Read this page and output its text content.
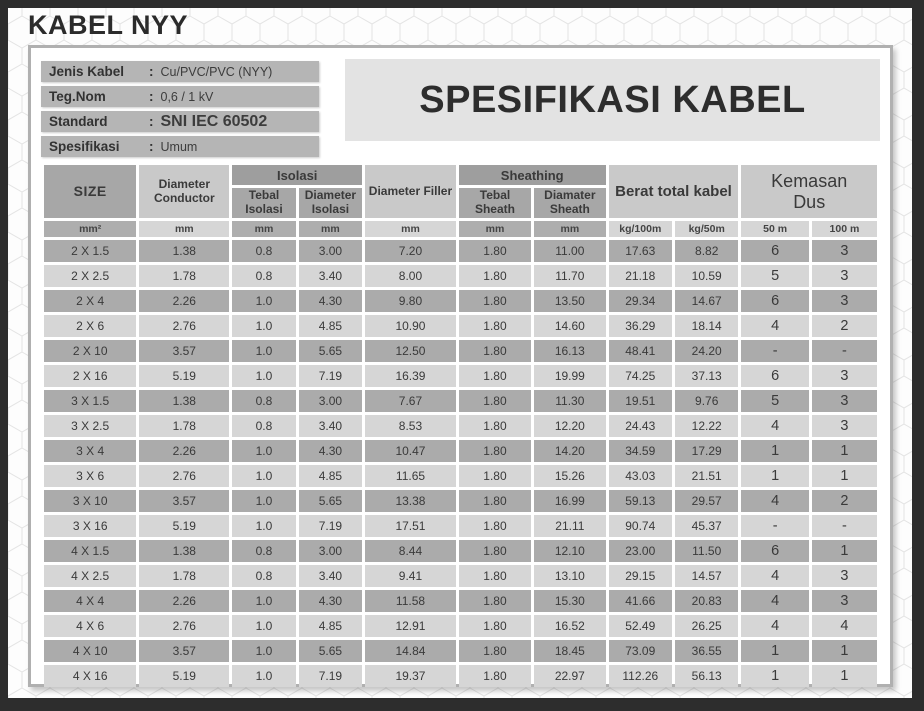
KABEL NYY
Jenis Kabel	: Cu/PVC/PVC (NYY)
Teg.Nom	: 0,6 / 1 kV
Standard	: SNI IEC 60502
Spesifikasi	: Umum
SPESIFIKASI KABEL
SIZE	Diameter Conductor	Isolasi		Diameter Filler	Sheathing		Berat total kabel		Kemasan Dus	

		Tebal Isolasi	Diameter Isolasi		Tebal Sheath	Diamater Sheath				
mm²	mm	mm	mm	mm	mm	mm	kg/100m	kg/50m	50 m	100 m
2 X 1.5	1.38	0.8	3.00	7.20	1.80	11.00	17.63	8.82	6	3
2 X 2.5	1.78	0.8	3.40	8.00	1.80	11.70	21.18	10.59	5	3
2 X 4	2.26	1.0	4.30	9.80	1.80	13.50	29.34	14.67	6	3
2 X 6	2.76	1.0	4.85	10.90	1.80	14.60	36.29	18.14	4	2
2 X 10	3.57	1.0	5.65	12.50	1.80	16.13	48.41	24.20	-	-
2 X 16	5.19	1.0	7.19	16.39	1.80	19.99	74.25	37.13	6	3
3 X 1.5	1.38	0.8	3.00	7.67	1.80	11.30	19.51	9.76	5	3
3 X 2.5	1.78	0.8	3.40	8.53	1.80	12.20	24.43	12.22	4	3
3 X 4	2.26	1.0	4.30	10.47	1.80	14.20	34.59	17.29	1	1
3 X 6	2.76	1.0	4.85	11.65	1.80	15.26	43.03	21.51	1	1
3 X 10	3.57	1.0	5.65	13.38	1.80	16.99	59.13	29.57	4	2
3 X 16	5.19	1.0	7.19	17.51	1.80	21.11	90.74	45.37	-	-
4 X 1.5	1.38	0.8	3.00	8.44	1.80	12.10	23.00	11.50	6	1
4 X 2.5	1.78	0.8	3.40	9.41	1.80	13.10	29.15	14.57	4	3
4 X 4	2.26	1.0	4.30	11.58	1.80	15.30	41.66	20.83	4	3
4 X 6	2.76	1.0	4.85	12.91	1.80	16.52	52.49	26.25	4	4
4 X 10	3.57	1.0	5.65	14.84	1.80	18.45	73.09	36.55	1	1
4 X 16	5.19	1.0	7.19	19.37	1.80	22.97	112.26	56.13	1	1
